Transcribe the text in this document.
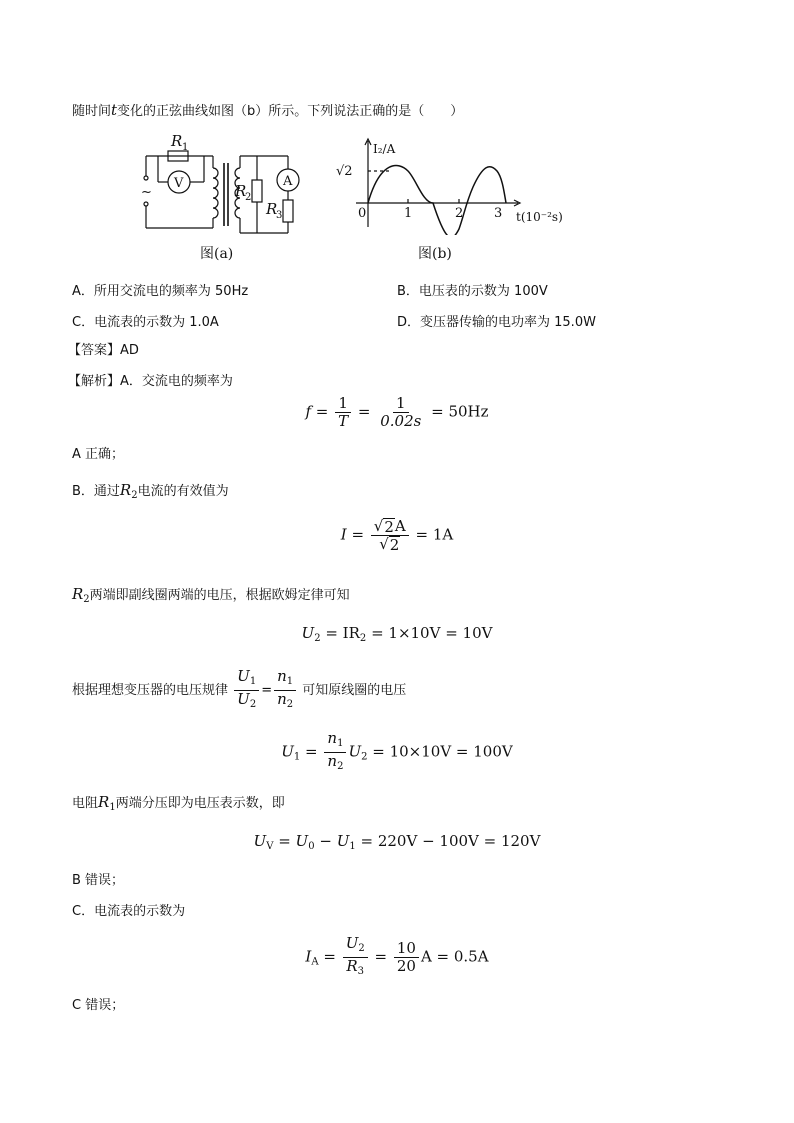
随时间t变化的正弦曲线如图（b）所示。下列说法正确的是（　　）
~
R 1
V	R
2
A
R
3
图(a)
I₂/A
√2
0	1	2 3 t(10⁻²s)
图(b)
A．所用交流电的频率为 50Hz	B．电压表的示数为 100V
C．电流表的示数为 1.0A	D．变压器传输的电功率为 15.0W
【答案】AD
【解析】A．交流电的频率为
$f = \frac{1}{T} = \frac{1}{0.02s} = 50Hz$
A 正确；
B．通过$R_2$电流的有效值为
$I = \frac{√ 2 A}{√ 2} = 1A$
$R_2$两端即副线圈两端的电压，根据欧姆定律可知
$U_2 = IR_2 = 1\times 10V = 10V$
根据理想变压器的电压规律 $\frac{U_1}{U_2} = \frac{n_1}{n_2}$ 可知原线圈的电压
$U_1 = \frac{n_1}{n_2} U_2 = 10\times 10V = 100V$
电阻$R_1$两端分压即为电压表示数，即
$U_V = U_0 - U_1 = 220V - 100V = 120V$
B 错误；
C．电流表的示数为
$I_A = \frac{U_2}{R_3} = \frac{10}{20}$ A = 0.5A
C 错误；
